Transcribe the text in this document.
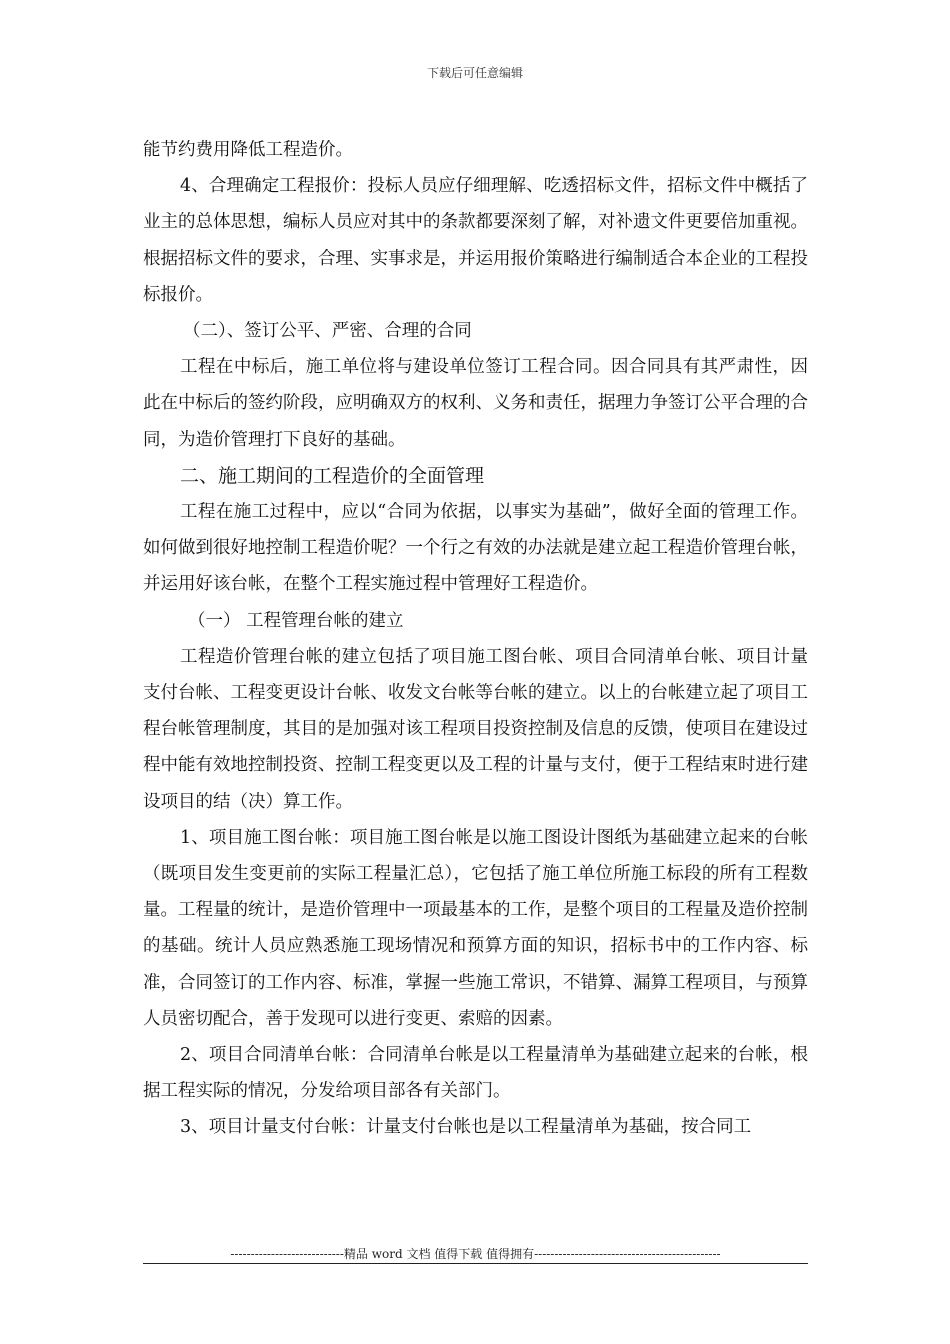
下载后可任意编辑

能节约费用降低工程造价。

4、合理确定工程报价：投标人员应仔细理解、吃透招标文件，招标文件中概括了业主的总体思想，编标人员应对其中的条款都要深刻了解，对补遗文件更要倍加重视。根据招标文件的要求，合理、实事求是，并运用报价策略进行编制适合本企业的工程投标报价。

（二）、签订公平、严密、合理的合同

工程在中标后，施工单位将与建设单位签订工程合同。因合同具有其严肃性，因此在中标后的签约阶段，应明确双方的权利、义务和责任，据理力争签订公平合理的合同，为造价管理打下良好的基础。

二、施工期间的工程造价的全面管理

工程在施工过程中，应以“合同为依据，以事实为基础”，做好全面的管理工作。如何做到很好地控制工程造价呢？一个行之有效的办法就是建立起工程造价管理台帐，并运用好该台帐，在整个工程实施过程中管理好工程造价。

（一） 工程管理台帐的建立

工程造价管理台帐的建立包括了项目施工图台帐、项目合同清单台帐、项目计量支付台帐、工程变更设计台帐、收发文台帐等台帐的建立。以上的台帐建立起了项目工程台帐管理制度，其目的是加强对该工程项目投资控制及信息的反馈，使项目在建设过程中能有效地控制投资、控制工程变更以及工程的计量与支付，便于工程结束时进行建设项目的结（决）算工作。

1、项目施工图台帐：项目施工图台帐是以施工图设计图纸为基础建立起来的台帐（既项目发生变更前的实际工程量汇总），它包括了施工单位所施工标段的所有工程数量。工程量的统计，是造价管理中一项最基本的工作，是整个项目的工程量及造价控制的基础。统计人员应熟悉施工现场情况和预算方面的知识，招标书中的工作内容、标准，合同签订的工作内容、标准，掌握一些施工常识，不错算、漏算工程项目，与预算人员密切配合，善于发现可以进行变更、索赔的因素。

2、项目合同清单台帐：合同清单台帐是以工程量清单为基础建立起来的台帐，根据工程实际的情况，分发给项目部各有关部门。

3、项目计量支付台帐：计量支付台帐也是以工程量清单为基础，按合同工

----------------------------精品 word 文档 值得下载 值得拥有----------------------------------------------
